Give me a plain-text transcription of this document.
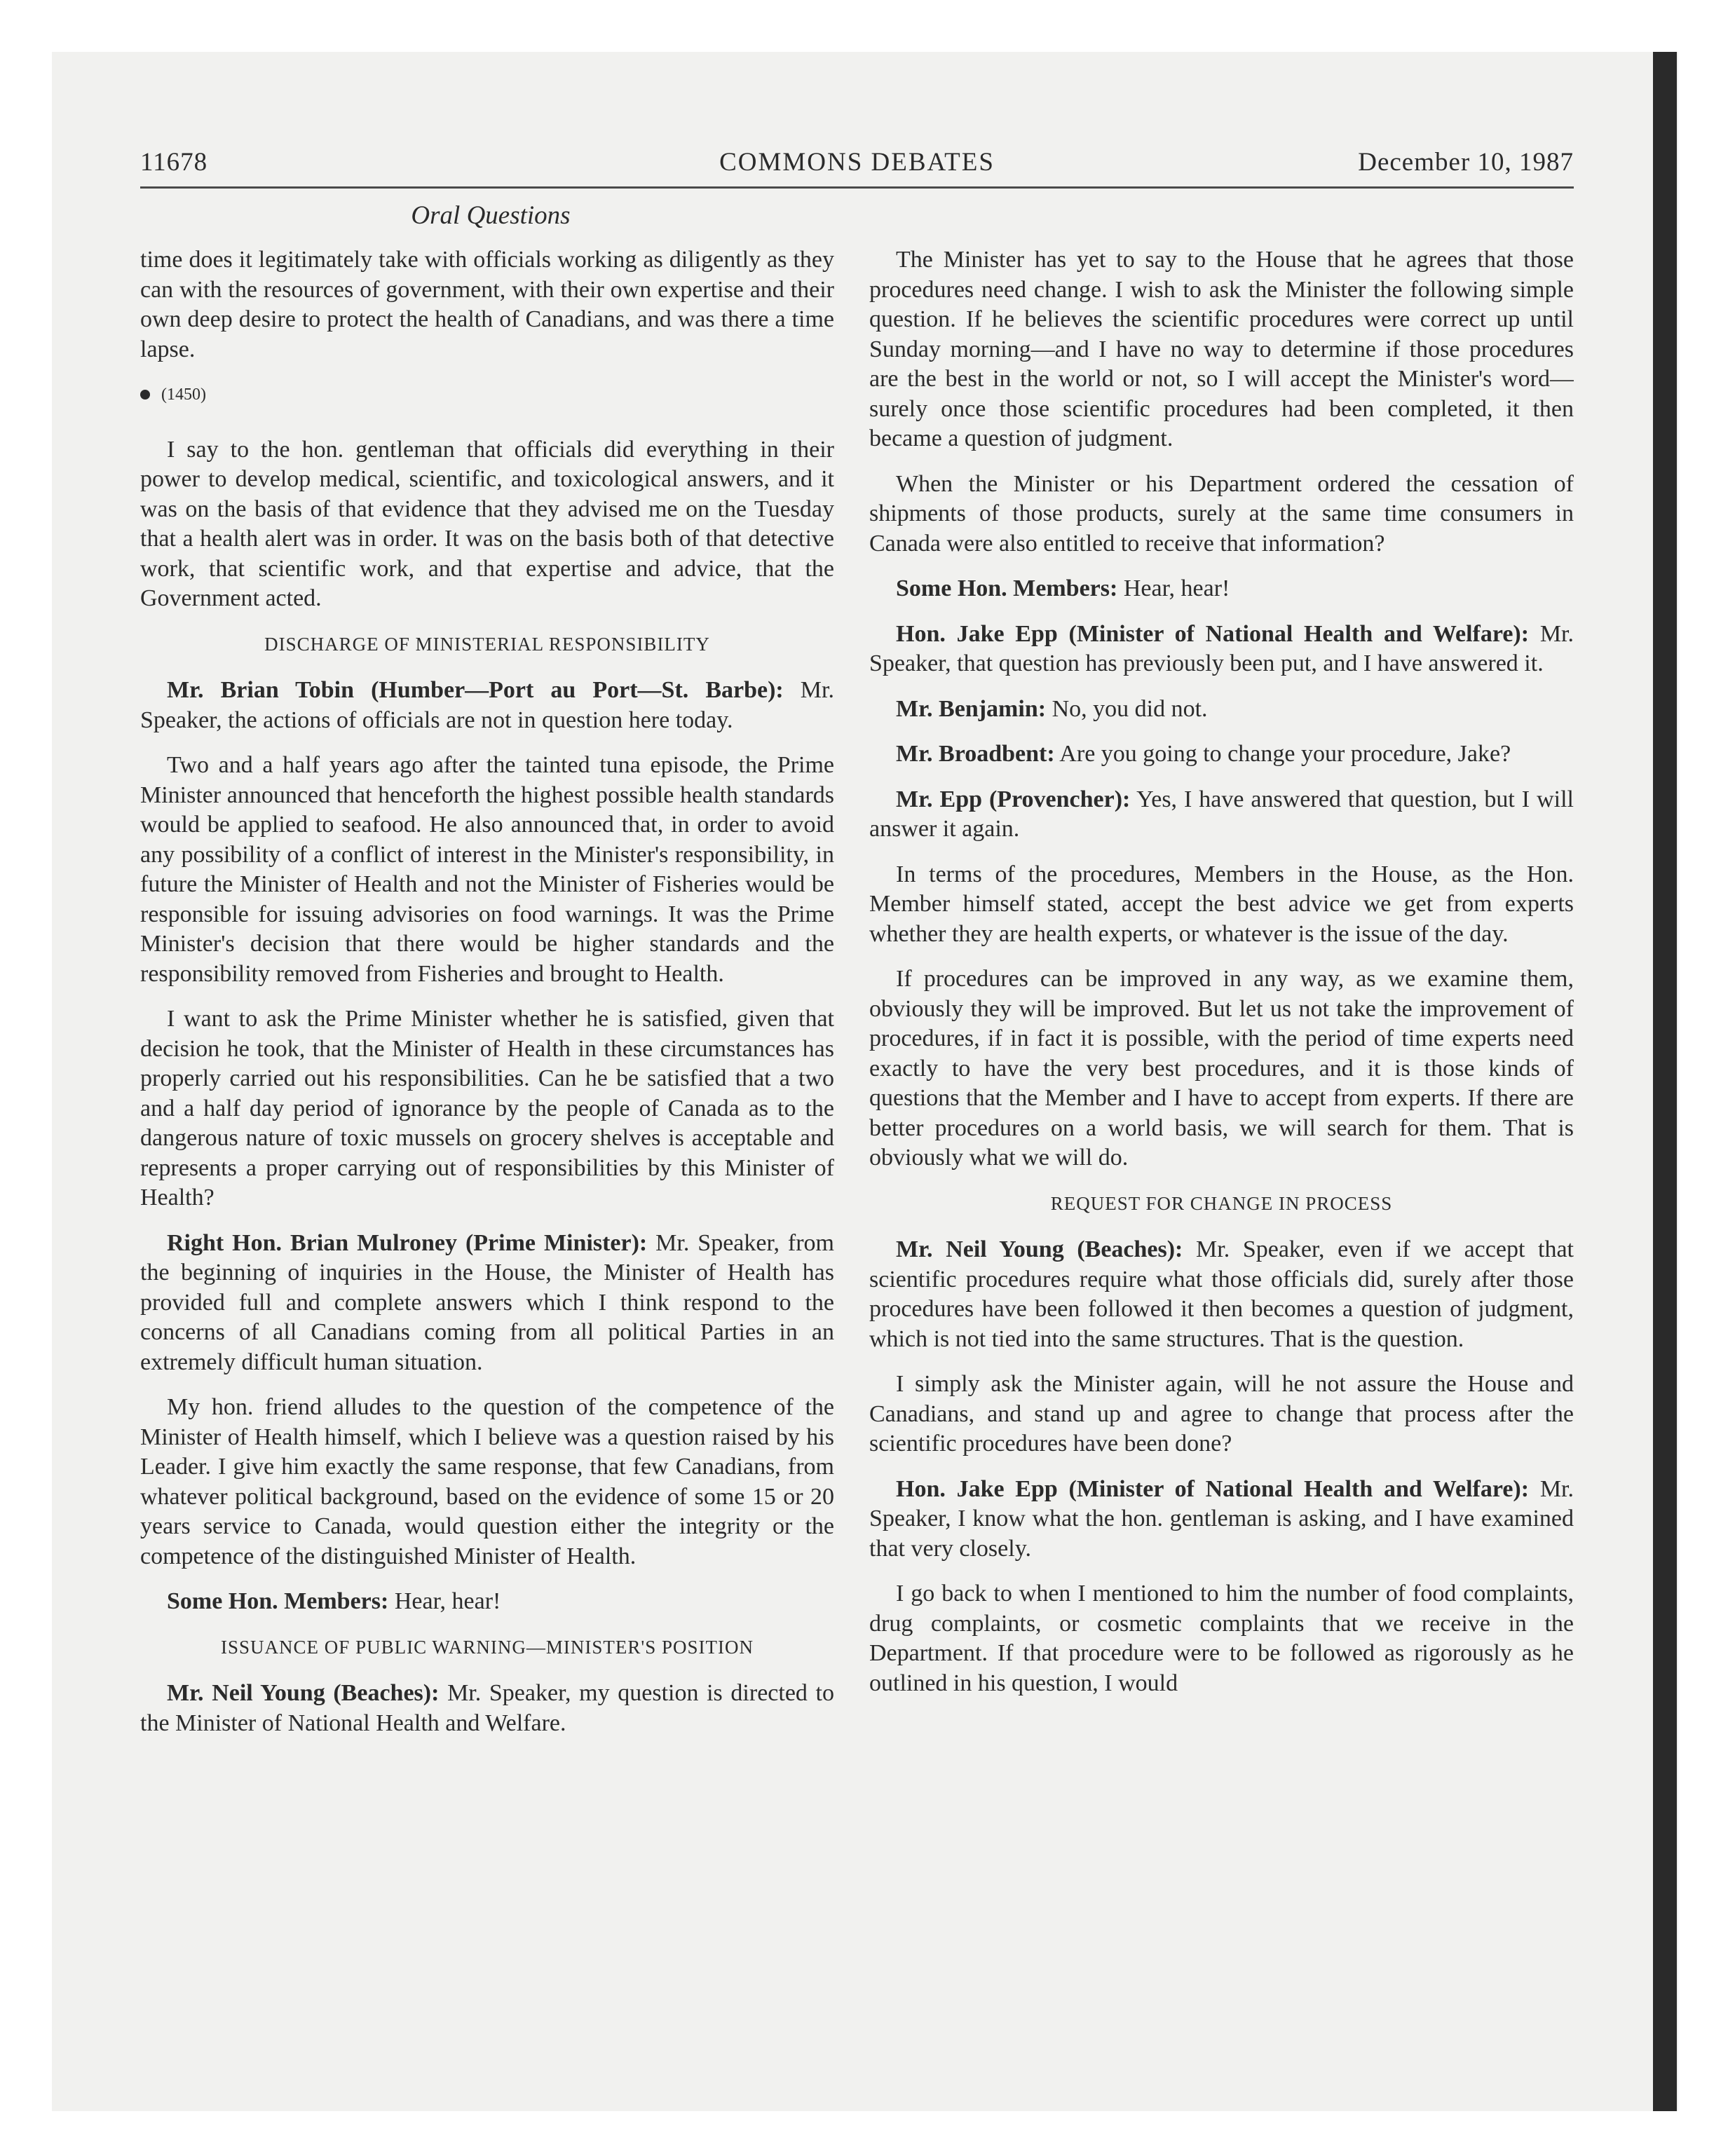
11678	COMMONS DEBATES	December 10, 1987
Oral Questions

time does it legitimately take with officials working as diligently as they can with the resources of government, with their own expertise and their own deep desire to protect the health of Canadians, and was there a time lapse.

(1450)

I say to the hon. gentleman that officials did everything in their power to develop medical, scientific, and toxicological answers, and it was on the basis of that evidence that they advised me on the Tuesday that a health alert was in order. It was on the basis both of that detective work, that scientific work, and that expertise and advice, that the Government acted.

DISCHARGE OF MINISTERIAL RESPONSIBILITY

Mr. Brian Tobin (Humber—Port au Port—St. Barbe): Mr. Speaker, the actions of officials are not in question here today.

Two and a half years ago after the tainted tuna episode, the Prime Minister announced that henceforth the highest possible health standards would be applied to seafood. He also announced that, in order to avoid any possibility of a conflict of interest in the Minister's responsibility, in future the Minister of Health and not the Minister of Fisheries would be responsible for issuing advisories on food warnings. It was the Prime Minister's decision that there would be higher standards and the responsibility removed from Fisheries and brought to Health.

I want to ask the Prime Minister whether he is satisfied, given that decision he took, that the Minister of Health in these circumstances has properly carried out his responsibilities. Can he be satisfied that a two and a half day period of ignorance by the people of Canada as to the dangerous nature of toxic mussels on grocery shelves is acceptable and represents a proper carrying out of responsibilities by this Minister of Health?

Right Hon. Brian Mulroney (Prime Minister): Mr. Speaker, from the beginning of inquiries in the House, the Minister of Health has provided full and complete answers which I think respond to the concerns of all Canadians coming from all political Parties in an extremely difficult human situation.

My hon. friend alludes to the question of the competence of the Minister of Health himself, which I believe was a question raised by his Leader. I give him exactly the same response, that few Canadians, from whatever political background, based on the evidence of some 15 or 20 years service to Canada, would question either the integrity or the competence of the distinguished Minister of Health.

Some Hon. Members: Hear, hear!

ISSUANCE OF PUBLIC WARNING—MINISTER'S POSITION

Mr. Neil Young (Beaches): Mr. Speaker, my question is directed to the Minister of National Health and Welfare.

The Minister has yet to say to the House that he agrees that those procedures need change. I wish to ask the Minister the following simple question. If he believes the scientific procedures were correct up until Sunday morning—and I have no way to determine if those procedures are the best in the world or not, so I will accept the Minister's word—surely once those scientific procedures had been completed, it then became a question of judgment.

When the Minister or his Department ordered the cessation of shipments of those products, surely at the same time consumers in Canada were also entitled to receive that information?

Some Hon. Members: Hear, hear!

Hon. Jake Epp (Minister of National Health and Welfare): Mr. Speaker, that question has previously been put, and I have answered it.

Mr. Benjamin: No, you did not.

Mr. Broadbent: Are you going to change your procedure, Jake?

Mr. Epp (Provencher): Yes, I have answered that question, but I will answer it again.

In terms of the procedures, Members in the House, as the Hon. Member himself stated, accept the best advice we get from experts whether they are health experts, or whatever is the issue of the day.

If procedures can be improved in any way, as we examine them, obviously they will be improved. But let us not take the improvement of procedures, if in fact it is possible, with the period of time experts need exactly to have the very best procedures, and it is those kinds of questions that the Member and I have to accept from experts. If there are better procedures on a world basis, we will search for them. That is obviously what we will do.

REQUEST FOR CHANGE IN PROCESS

Mr. Neil Young (Beaches): Mr. Speaker, even if we accept that scientific procedures require what those officials did, surely after those procedures have been followed it then becomes a question of judgment, which is not tied into the same structures. That is the question.

I simply ask the Minister again, will he not assure the House and Canadians, and stand up and agree to change that process after the scientific procedures have been done?

Hon. Jake Epp (Minister of National Health and Welfare): Mr. Speaker, I know what the hon. gentleman is asking, and I have examined that very closely.

I go back to when I mentioned to him the number of food complaints, drug complaints, or cosmetic complaints that we receive in the Department. If that procedure were to be followed as rigorously as he outlined in his question, I would
